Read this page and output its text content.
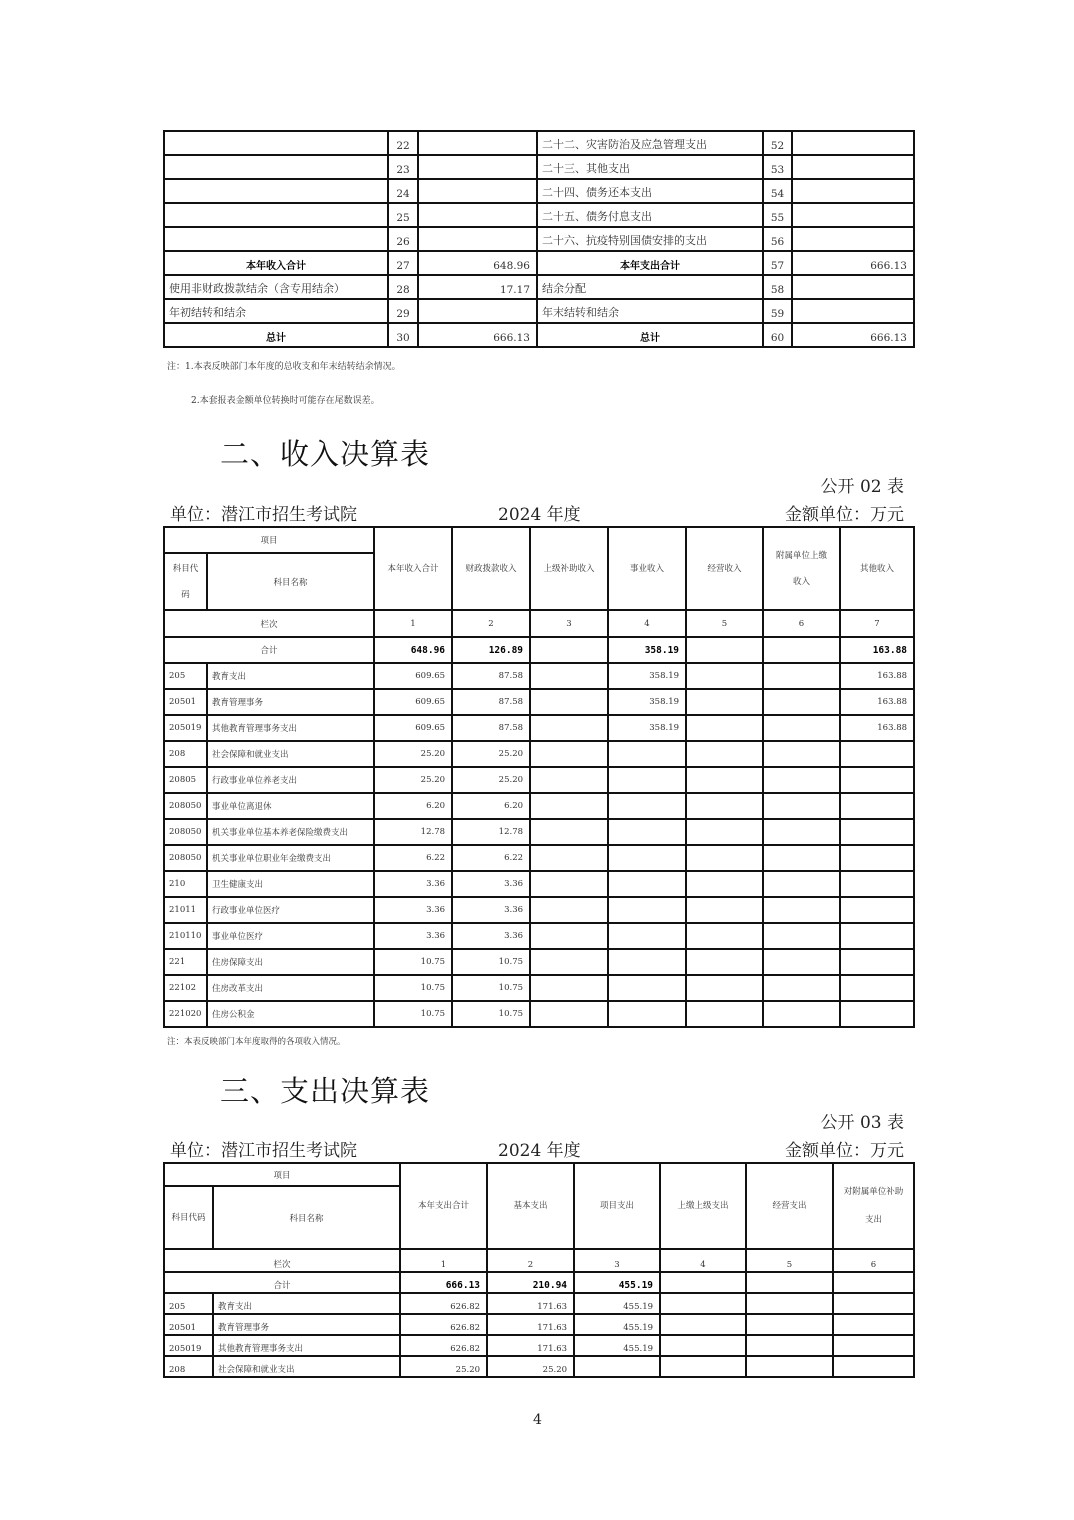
	22		二十二、灾害防治及应急管理支出	52	
	23		二十三、其他支出	53	
	24		二十四、债务还本支出	54	
	25		二十五、债务付息支出	55	
	26		二十六、抗疫特别国债安排的支出	56	
本年收入合计	27	648.96	本年支出合计	57	666.13
使用非财政拨款结余（含专用结余）	28	17.17	结余分配	58	
年初结转和结余	29		年末结转和结余	59	
总计	30	666.13	总计	60	666.13
注：1.本表反映部门本年度的总收支和年末结转结余情况。
2.本套报表金额单位转换时可能存在尾数误差。
二、收入决算表
公开 02 表
单位：潜江市招生考试院	2024 年度	金额单位：万元
项目		本年收入合计	财政拨款收入	上级补助收入	事业收入	经营收入	附属单位上缴收入	其他收入
科目代码	科目名称							
栏次		1	2	3	4	5	6	7
合计		648.96	126.89		358.19			163.88
205	教育支出	609.65	87.58		358.19			163.88
20501	教育管理事务	609.65	87.58		358.19			163.88
205019	其他教育管理事务支出	609.65	87.58		358.19			163.88
208	社会保障和就业支出	25.20	25.20					
20805	行政事业单位养老支出	25.20	25.20					
208050	事业单位离退休	6.20	6.20					
208050	机关事业单位基本养老保险缴费支出	12.78	12.78					
208050	机关事业单位职业年金缴费支出	6.22	6.22					
210	卫生健康支出	3.36	3.36					
21011	行政事业单位医疗	3.36	3.36					
210110	事业单位医疗	3.36	3.36					
221	住房保障支出	10.75	10.75					
22102	住房改革支出	10.75	10.75					
221020	住房公积金	10.75	10.75					
注：本表反映部门本年度取得的各项收入情况。
三、支出决算表
公开 03 表
单位：潜江市招生考试院	2024 年度	金额单位：万元
项目		本年支出合计	基本支出	项目支出	上缴上级支出	经营支出	对附属单位补助支出
科目代码	科目名称						
栏次		1	2	3	4	5	6
合计		666.13	210.94	455.19			
205	教育支出	626.82	171.63	455.19			
20501	教育管理事务	626.82	171.63	455.19			
205019	其他教育管理事务支出	626.82	171.63	455.19			
208	社会保障和就业支出	25.20	25.20				
4
